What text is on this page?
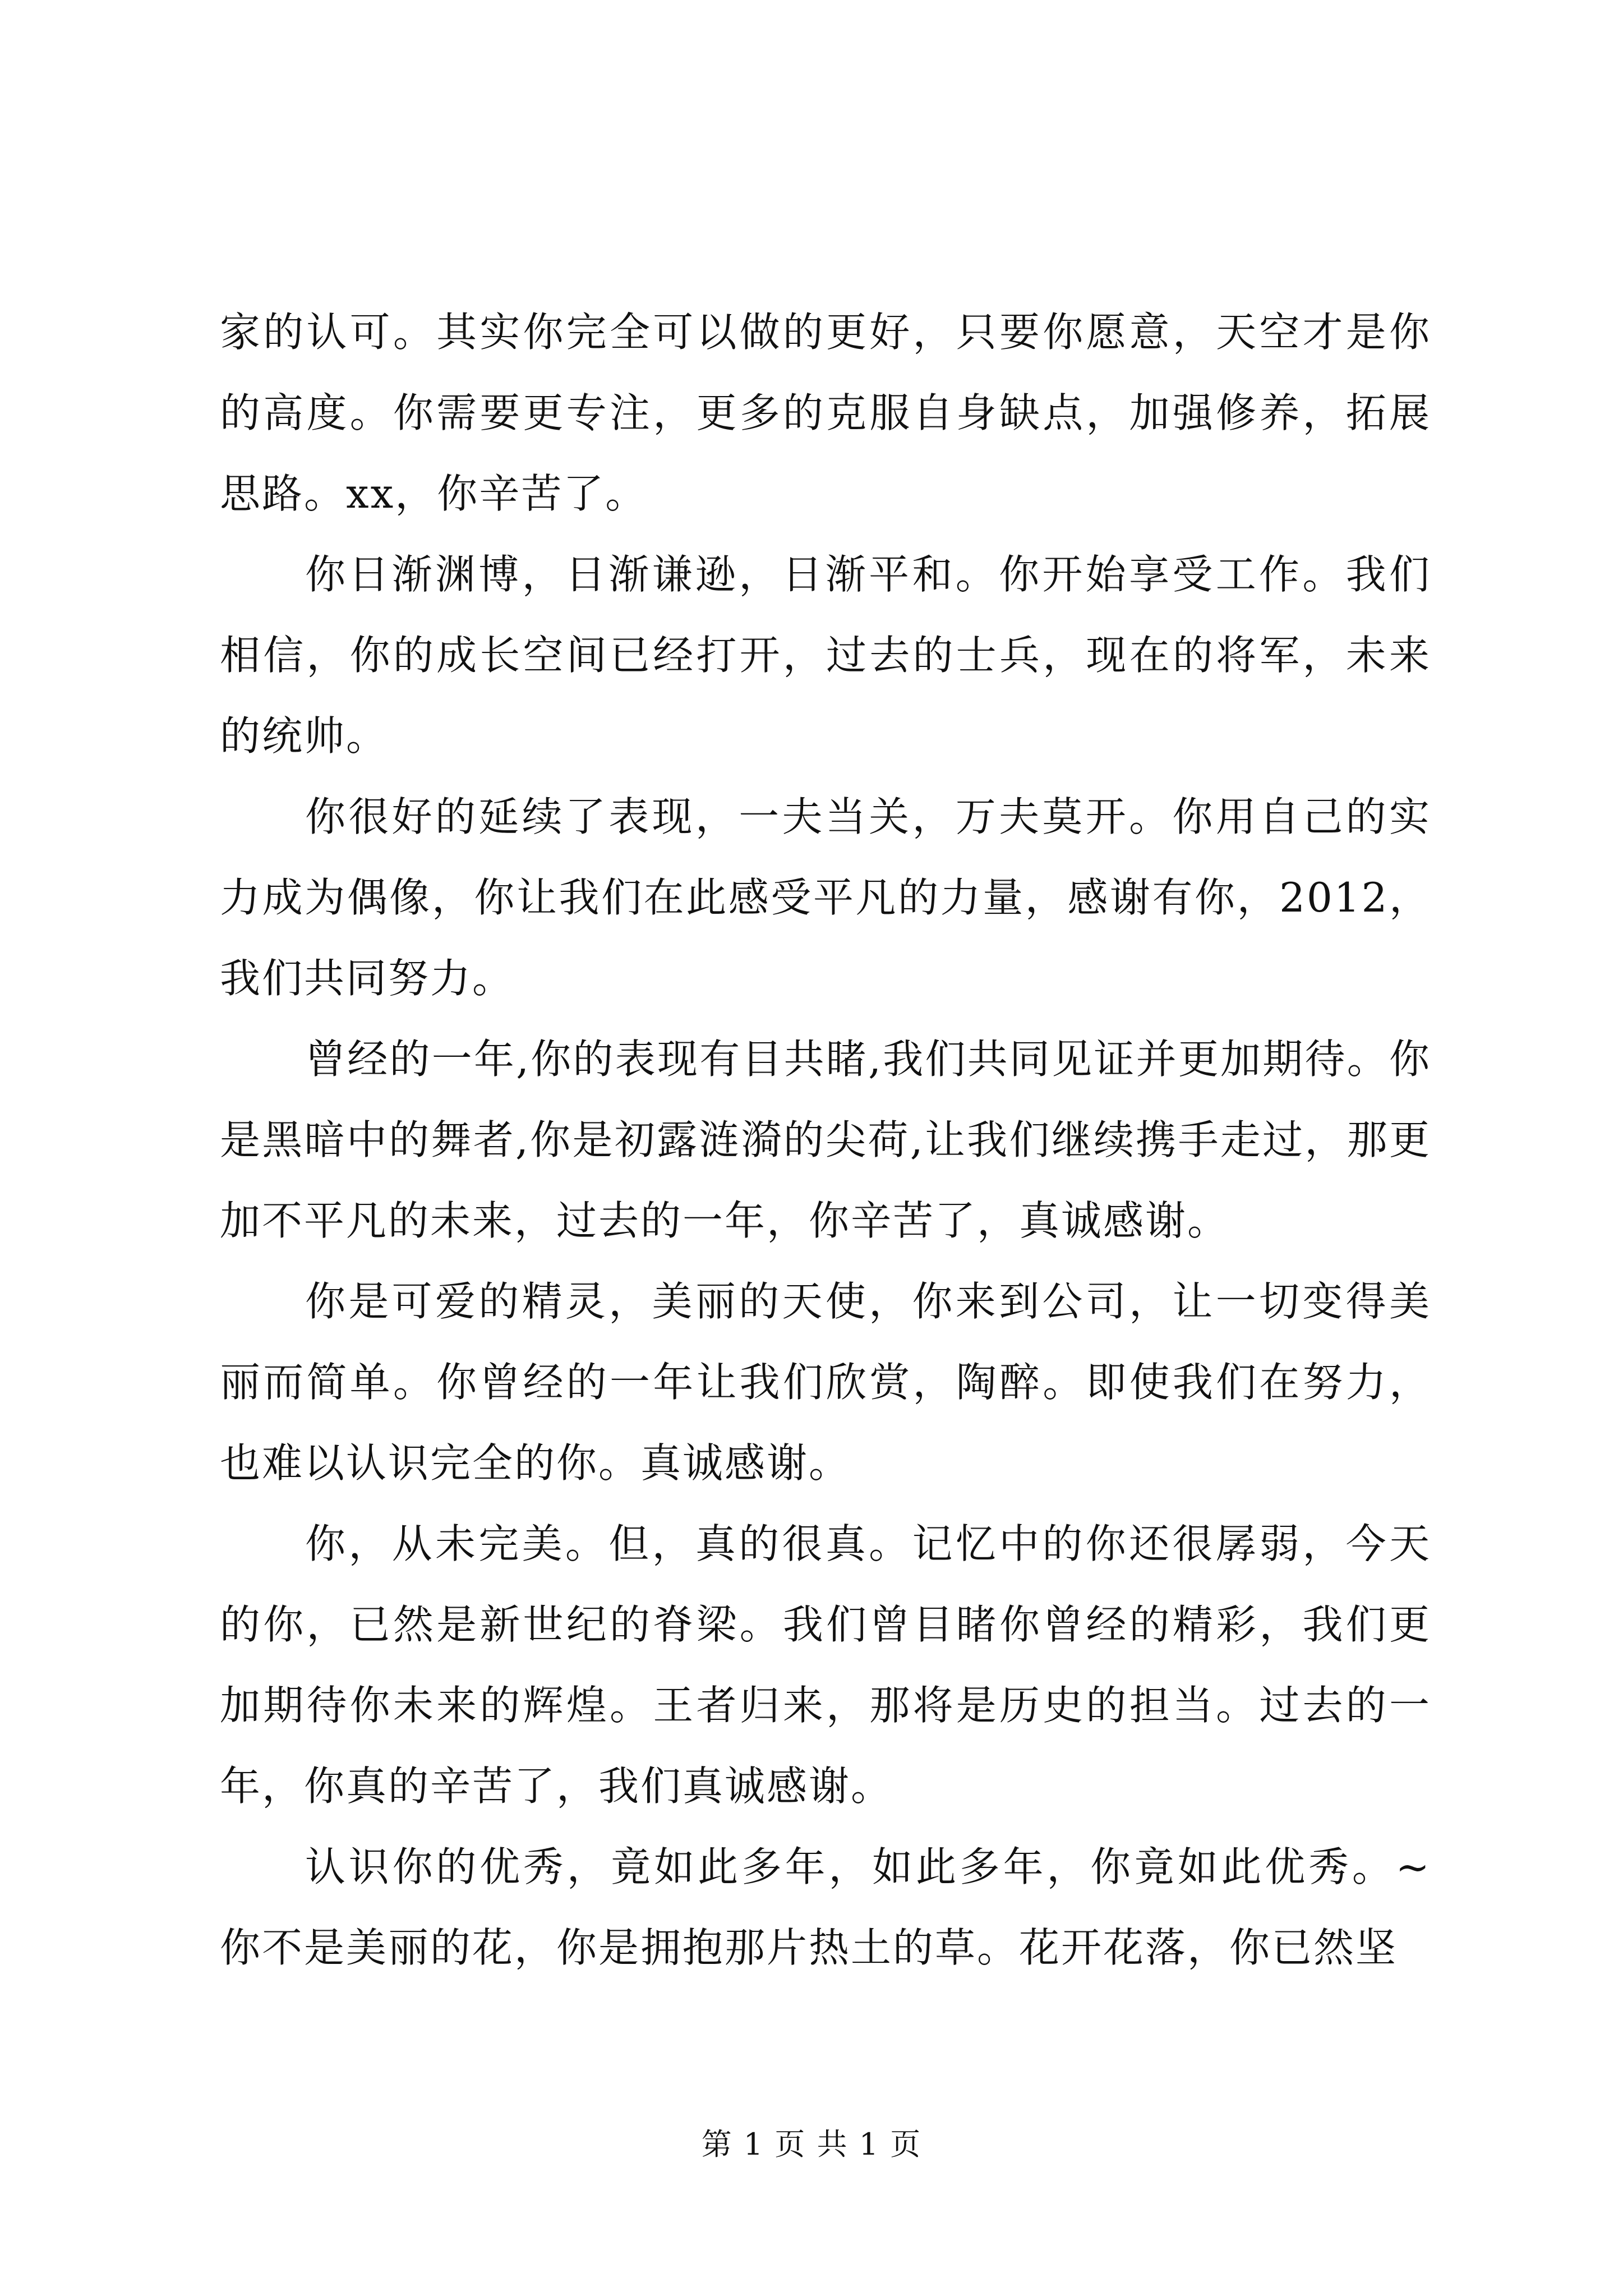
家的认可。其实你完全可以做的更好，只要你愿意，天空才是你的高度。你需要更专注，更多的克服自身缺点，加强修养，拓展思路。xx，你辛苦了。

你日渐渊博，日渐谦逊，日渐平和。你开始享受工作。我们相信，你的成长空间已经打开，过去的士兵，现在的将军，未来的统帅。

你很好的延续了表现，一夫当关，万夫莫开。你用自己的实力成为偶像，你让我们在此感受平凡的力量，感谢有你，2012，我们共同努力。

曾经的一年,你的表现有目共睹,我们共同见证并更加期待。你是黑暗中的舞者,你是初露涟漪的尖荷,让我们继续携手走过，那更加不平凡的未来，过去的一年，你辛苦了，真诚感谢。

你是可爱的精灵，美丽的天使，你来到公司，让一切变得美丽而简单。你曾经的一年让我们欣赏，陶醉。即使我们在努力，也难以认识完全的你。真诚感谢。

你，从未完美。但，真的很真。记忆中的你还很孱弱，今天的你，已然是新世纪的脊梁。我们曾目睹你曾经的精彩，我们更加期待你未来的辉煌。王者归来，那将是历史的担当。过去的一年，你真的辛苦了，我们真诚感谢。

认识你的优秀，竟如此多年，如此多年，你竟如此优秀。~你不是美丽的花，你是拥抱那片热土的草。花开花落，你已然坚

第 1 页 共 1 页
